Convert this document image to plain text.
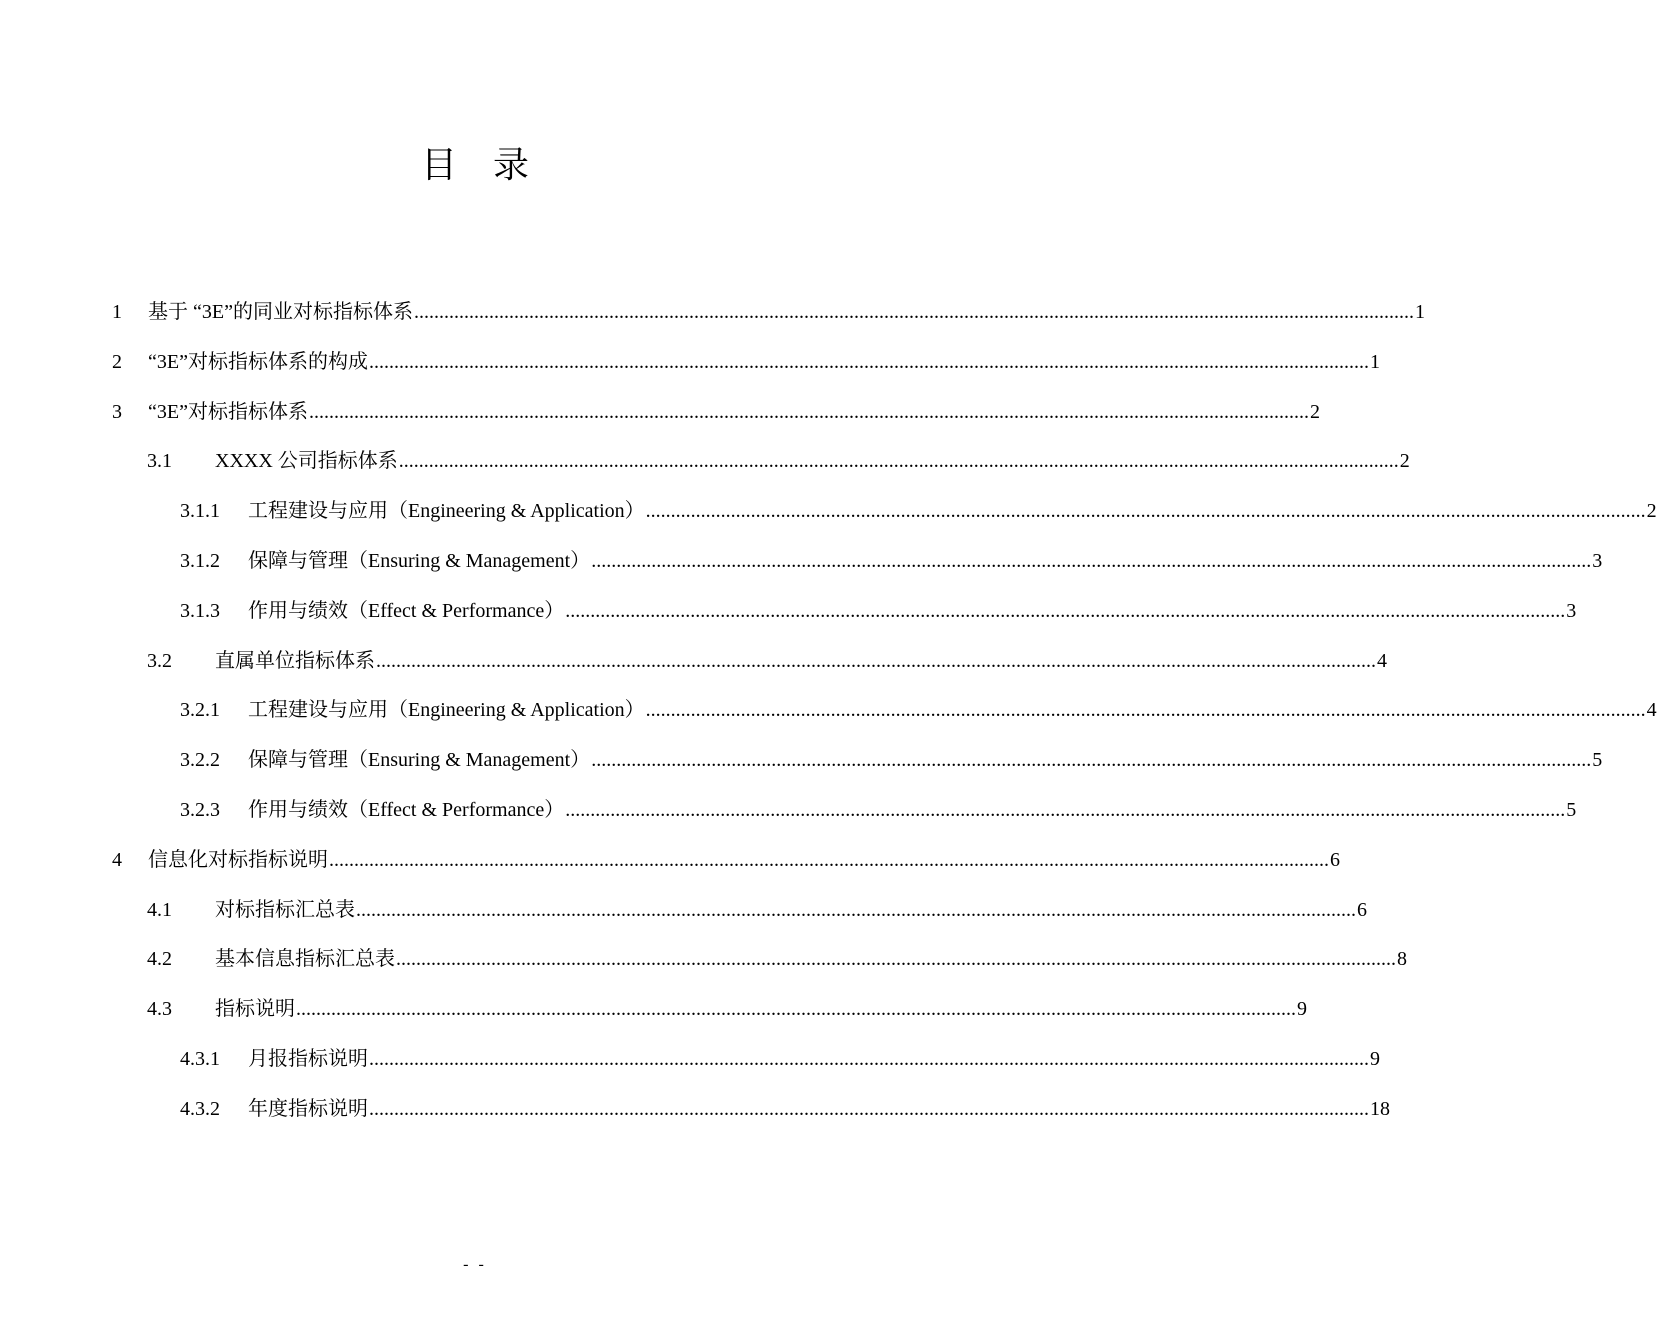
目　录
1	基于 “3E”的同业对标指标体系 ........................................................................................................................................................................................................ 1
2	“3E”对标指标体系的构成 ........................................................................................................................................................................................................ 1
3	“3E”对标指标体系 ........................................................................................................................................................................................................ 2
3.1	XXXX 公司指标体系 ........................................................................................................................................................................................................ 2
3.1.1	工程建设与应用（Engineering & Application） ........................................................................................................................................................................................................ 2
3.1.2	保障与管理（Ensuring & Management） ........................................................................................................................................................................................................ 3
3.1.3	作用与绩效（Effect & Performance） ........................................................................................................................................................................................................ 3
3.2	直属单位指标体系 ........................................................................................................................................................................................................ 4
3.2.1	工程建设与应用（Engineering & Application） ........................................................................................................................................................................................................ 4
3.2.2	保障与管理（Ensuring & Management） ........................................................................................................................................................................................................ 5
3.2.3	作用与绩效（Effect & Performance） ........................................................................................................................................................................................................ 5
4	信息化对标指标说明 ........................................................................................................................................................................................................ 6
4.1	对标指标汇总表 ........................................................................................................................................................................................................ 6
4.2	基本信息指标汇总表 ........................................................................................................................................................................................................ 8
4.3	指标说明 ........................................................................................................................................................................................................ 9
4.3.1	月报指标说明 ........................................................................................................................................................................................................ 9
4.3.2	年度指标说明 ........................................................................................................................................................................................................ 18
- -
